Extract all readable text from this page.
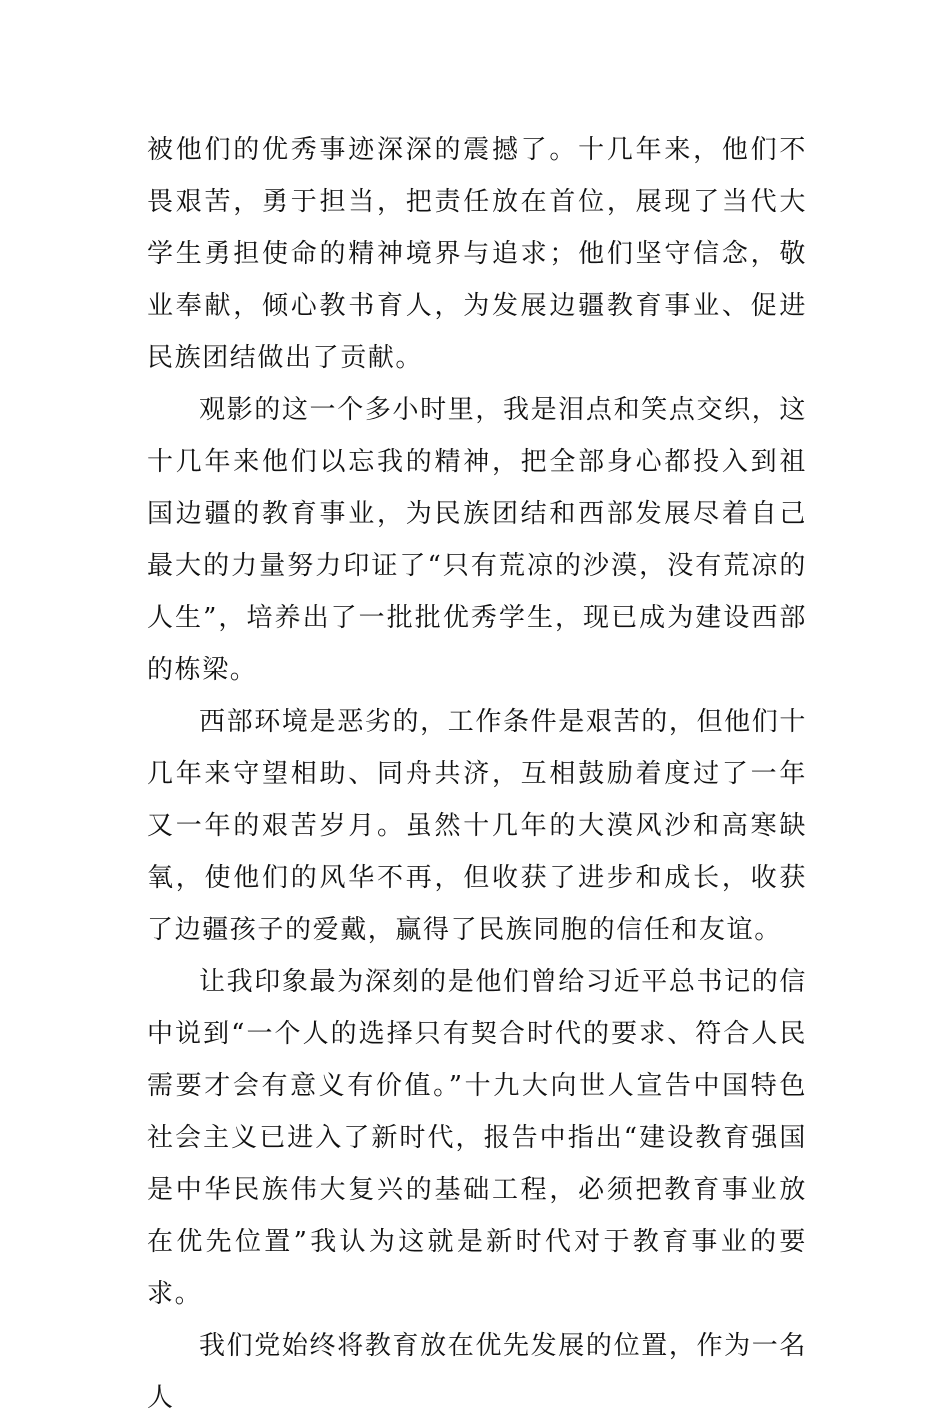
被他们的优秀事迹深深的震撼了。十几年来，他们不畏艰苦，勇于担当，把责任放在首位，展现了当代大学生勇担使命的精神境界与追求；他们坚守信念，敬业奉献，倾心教书育人，为发展边疆教育事业、促进民族团结做出了贡献。

观影的这一个多小时里，我是泪点和笑点交织，这十几年来他们以忘我的精神，把全部身心都投入到祖国边疆的教育事业，为民族团结和西部发展尽着自己最大的力量努力印证了“只有荒凉的沙漠，没有荒凉的人生”，培养出了一批批优秀学生，现已成为建设西部的栋梁。

西部环境是恶劣的，工作条件是艰苦的，但他们十几年来守望相助、同舟共济，互相鼓励着度过了一年又一年的艰苦岁月。虽然十几年的大漠风沙和高寒缺氧，使他们的风华不再，但收获了进步和成长，收获了边疆孩子的爱戴，赢得了民族同胞的信任和友谊。

让我印象最为深刻的是他们曾给习近平总书记的信中说到“一个人的选择只有契合时代的要求、符合人民需要才会有意义有价值。”十九大向世人宣告中国特色社会主义已进入了新时代，报告中指出“建设教育强国是中华民族伟大复兴的基础工程，必须把教育事业放在优先位置”我认为这就是新时代对于教育事业的要求。

我们党始终将教育放在优先发展的位置，作为一名人
